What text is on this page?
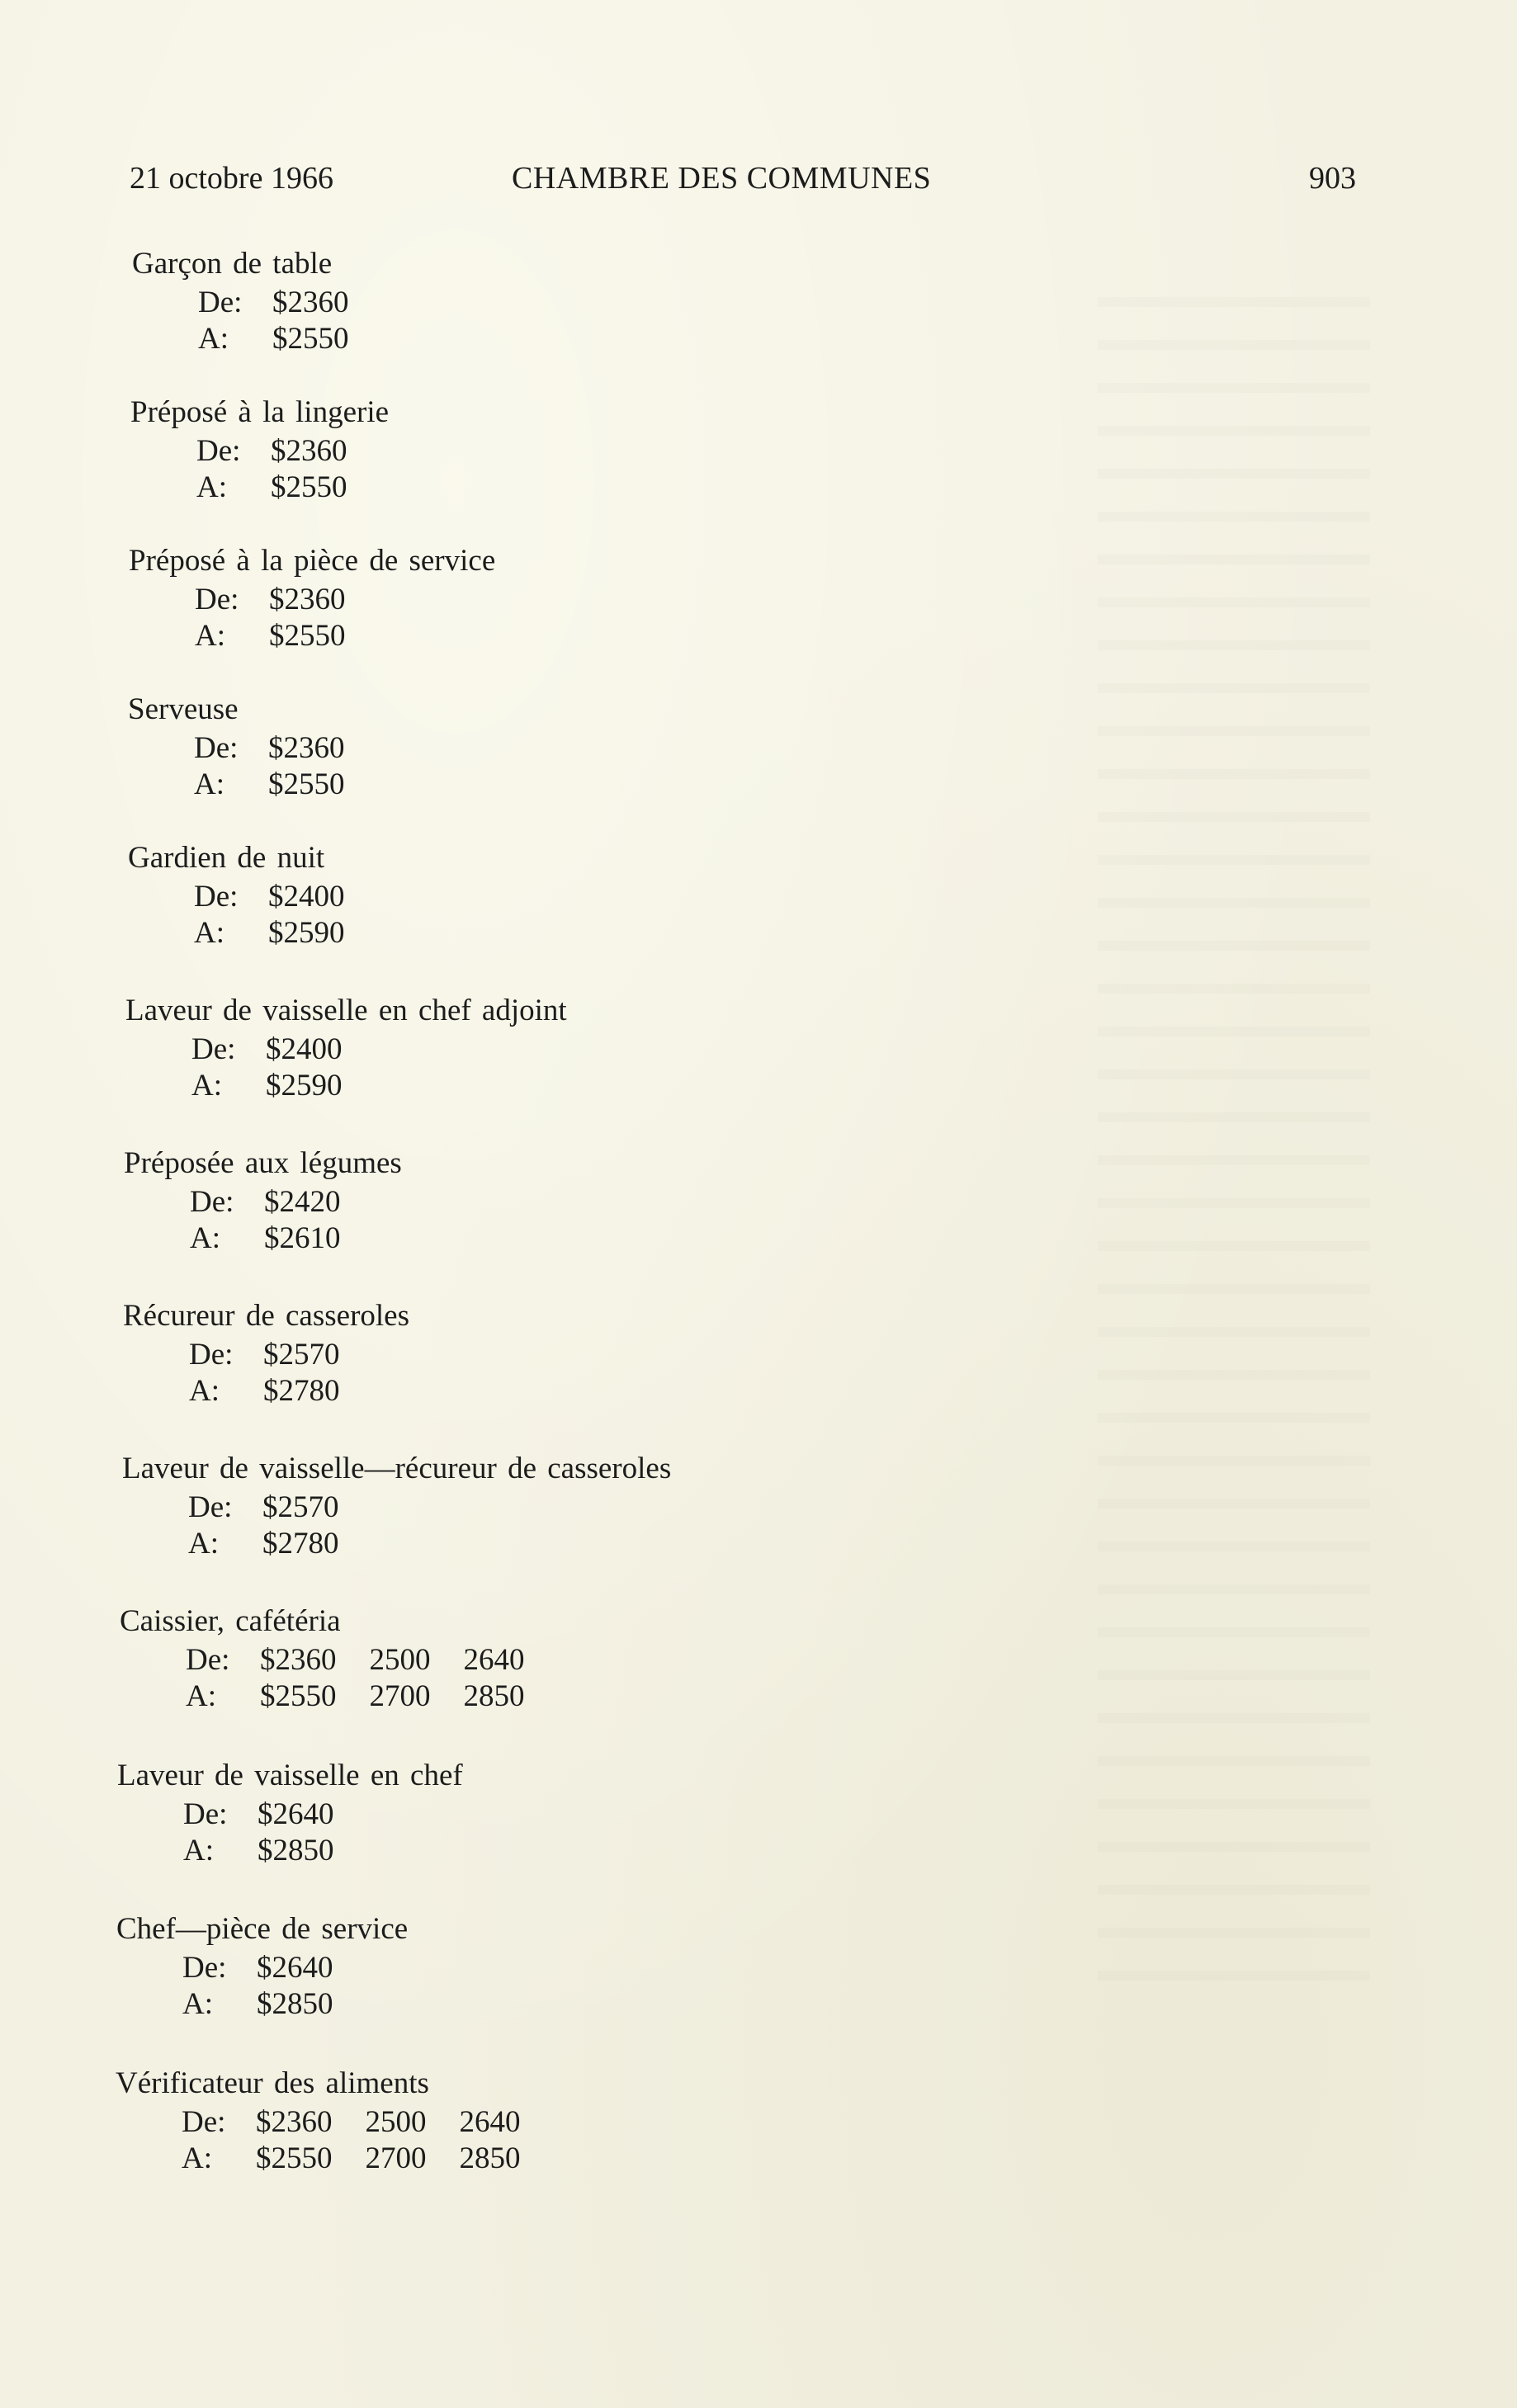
21 octobre 1966	CHAMBRE DES COMMUNES	903
Garçon de table
De: $2360
A:	$2550
Préposé à la lingerie
De: $2360
A:	$2550
Préposé à la pièce de service
De: $2360
A:	$2550
Serveuse
De: $2360
A:	$2550
Gardien de nuit
De: $2400
A:	$2590
Laveur de vaisselle en chef adjoint
De: $2400
A:	$2590
Préposée aux légumes
De: $2420
A:	$2610
Récureur de casseroles
De: $2570
A:	$2780
Laveur de vaisselle—récureur de casseroles
De: $2570
A:	$2780
Caissier, cafétéria
De: $2360 2500 2640
A:	$2550 2700 2850
Laveur de vaisselle en chef
De: $2640
A:	$2850
Chef—pièce de service
De: $2640
A:	$2850
Vérificateur des aliments
De: $2360 2500 2640
A:	$2550 2700 2850
